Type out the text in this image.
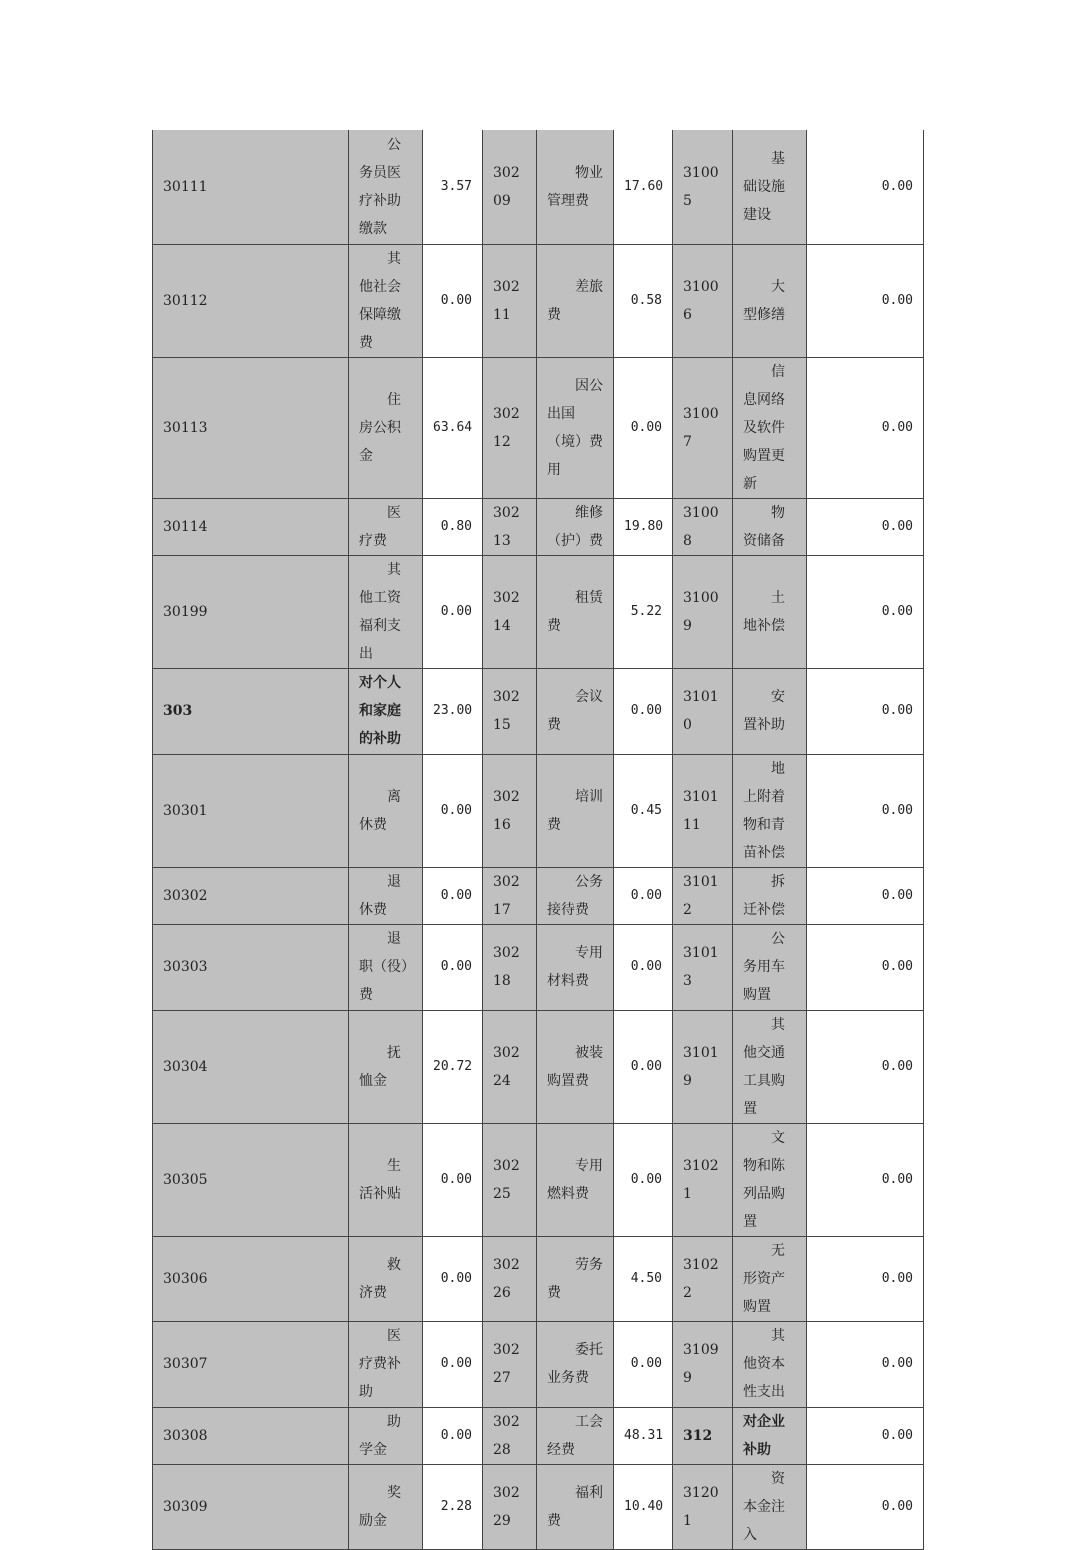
30111	　　公务员医疗补助缴款	3.57	30209	　　物业管理费	17.60	31005	　　基础设施建设	0.00
30112	　　其他社会保障缴费	0.00	30211	　　差旅费	0.58	31006	　　大型修缮	0.00
30113	　　住房公积金	63.64	30212	　　因公出国（境）费用	0.00	31007	　　信息网络及软件购置更新	0.00
30114	　　医疗费	0.80	30213	　　维修（护）费	19.80	31008	　　物资储备	0.00
30199	　　其他工资福利支出	0.00	30214	　　租赁费	5.22	31009	　　土地补偿	0.00
303	对个人和家庭的补助	23.00	30215	　　会议费	0.00	31010	　　安置补助	0.00
30301	　　离休费	0.00	30216	　　培训费	0.45	310111	　　地上附着物和青苗补偿	0.00
30302	　　退休费	0.00	30217	　　公务接待费	0.00	31012	　　拆迁补偿	0.00
30303	　　退职（役）费	0.00	30218	　　专用材料费	0.00	31013	　　公务用车购置	0.00
30304	　　抚恤金	20.72	30224	　　被装购置费	0.00	31019	　　其他交通工具购置	0.00
30305	　　生活补贴	0.00	30225	　　专用燃料费	0.00	31021	　　文物和陈列品购置	0.00
30306	　　救济费	0.00	30226	　　劳务费	4.50	31022	　　无形资产购置	0.00
30307	　　医疗费补助	0.00	30227	　　委托业务费	0.00	31099	　　其他资本性支出	0.00
30308	　　助学金	0.00	30228	　　工会经费	48.31	312	对企业补助	0.00
30309	　　奖励金	2.28	30229	　　福利费	10.40	31201	　　资本金注入	0.00
